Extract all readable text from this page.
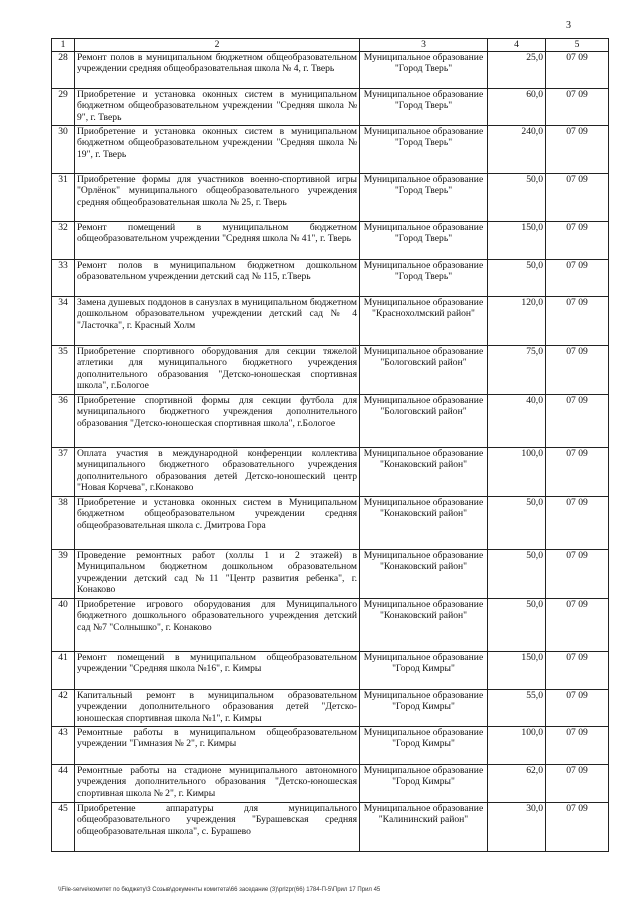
3
1	2	3	4	5
28	Ремонт полов в муниципальном бюджетном общеобразовательном учреждении средняя общеобразовательная школа № 4, г. Тверь	Муниципальное образование "Город Тверь"	25,0	07 09
29	Приобретение и установка оконных систем в муниципальном бюджетном общеобразовательном учреждении "Средняя школа № 9", г. Тверь	Муниципальное образование "Город Тверь"	60,0	07 09
30	Приобретение и установка оконных систем в муниципальном бюджетном общеобразовательном учреждении "Средняя школа № 19", г. Тверь	Муниципальное образование "Город Тверь"	240,0	07 09
31	Приобретение формы для участников военно-спортивной игры "Орлёнок" муниципального общеобразовательного учреждения средняя общеобразовательная школа № 25, г. Тверь	Муниципальное образование "Город Тверь"	50,0	07 09
32	Ремонт помещений в муниципальном бюджетном общеобразовательном учреждении "Средняя школа № 41", г. Тверь	Муниципальное образование "Город Тверь"	150,0	07 09
33	Ремонт полов в муниципальном бюджетном дошкольном образовательном учреждении детский сад № 115, г.Тверь	Муниципальное образование "Город Тверь"	50,0	07 09
34	Замена душевых поддонов в санузлах в муниципальном бюджетном дошкольном образовательном учреждении детский сад № 4 "Ласточка", г. Красный Холм	Муниципальное образование "Краснохолмский район"	120,0	07 09
35	Приобретение спортивного оборудования для секции тяжелой атлетики для муниципального бюджетного учреждения дополнительного образования "Детско-юношеская спортивная школа", г.Бологое	Муниципальное образование "Бологовский район"	75,0	07 09
36	Приобретение спортивной формы для секции футбола для муниципального бюджетного учреждения дополнительного образования "Детско-юношеская спортивная школа", г.Бологое	Муниципальное образование "Бологовский район"	40,0	07 09
37	Оплата участия в международной конференции коллектива муниципального бюджетного образовательного учреждения дополнительного образования детей Детско-юношеский центр "Новая Корчева", г.Конаково	Муниципальное образование "Конаковский район"	100,0	07 09
38	Приобретение и установка оконных систем в Муниципальном бюджетном общеобразовательном учреждении средняя общеобразовательная школа с. Дмитрова Гора	Муниципальное образование "Конаковский район"	50,0	07 09
39	Проведение ремонтных работ (холлы 1 и 2 этажей) в Муниципальном бюджетном дошкольном образовательном учреждении детский сад №11 "Центр развития ребенка", г. Конаково	Муниципальное образование "Конаковский район"	50,0	07 09
40	Приобретение игрового оборудования для Муниципального бюджетного дошкольного образовательного учреждения детский сад №7 "Солнышко", г. Конаково	Муниципальное образование "Конаковский район"	50,0	07 09
41	Ремонт помещений в муниципальном общеобразовательном учреждении "Средняя школа №16", г. Кимры	Муниципальное образование "Город Кимры"	150,0	07 09
42	Капитальный ремонт в муниципальном образовательном учреждении дополнительного образования детей "Детско-юношеская спортивная школа №1", г. Кимры	Муниципальное образование "Город Кимры"	55,0	07 09
43	Ремонтные работы в муниципальном общеобразовательном учреждении "Гимназия № 2", г. Кимры	Муниципальное образование "Город Кимры"	100,0	07 09
44	Ремонтные работы на стадионе муниципального автономного учреждения дополнительного образования "Детско-юношеская спортивная школа № 2", г. Кимры	Муниципальное образование "Город Кимры"	62,0	07 09
45	Приобретение аппаратуры для муниципального общеобразовательного учреждения "Бурашевская средняя общеобразовательная школа", с. Бурашево	Муниципальное образование "Калининский район"	30,0	07 09
\\File-serve\комитет по бюджету\3 Созыв\документы комитета\66 заседание (3)\prlzpr(66) 1784-П-5\Прил 17 Прил 45
